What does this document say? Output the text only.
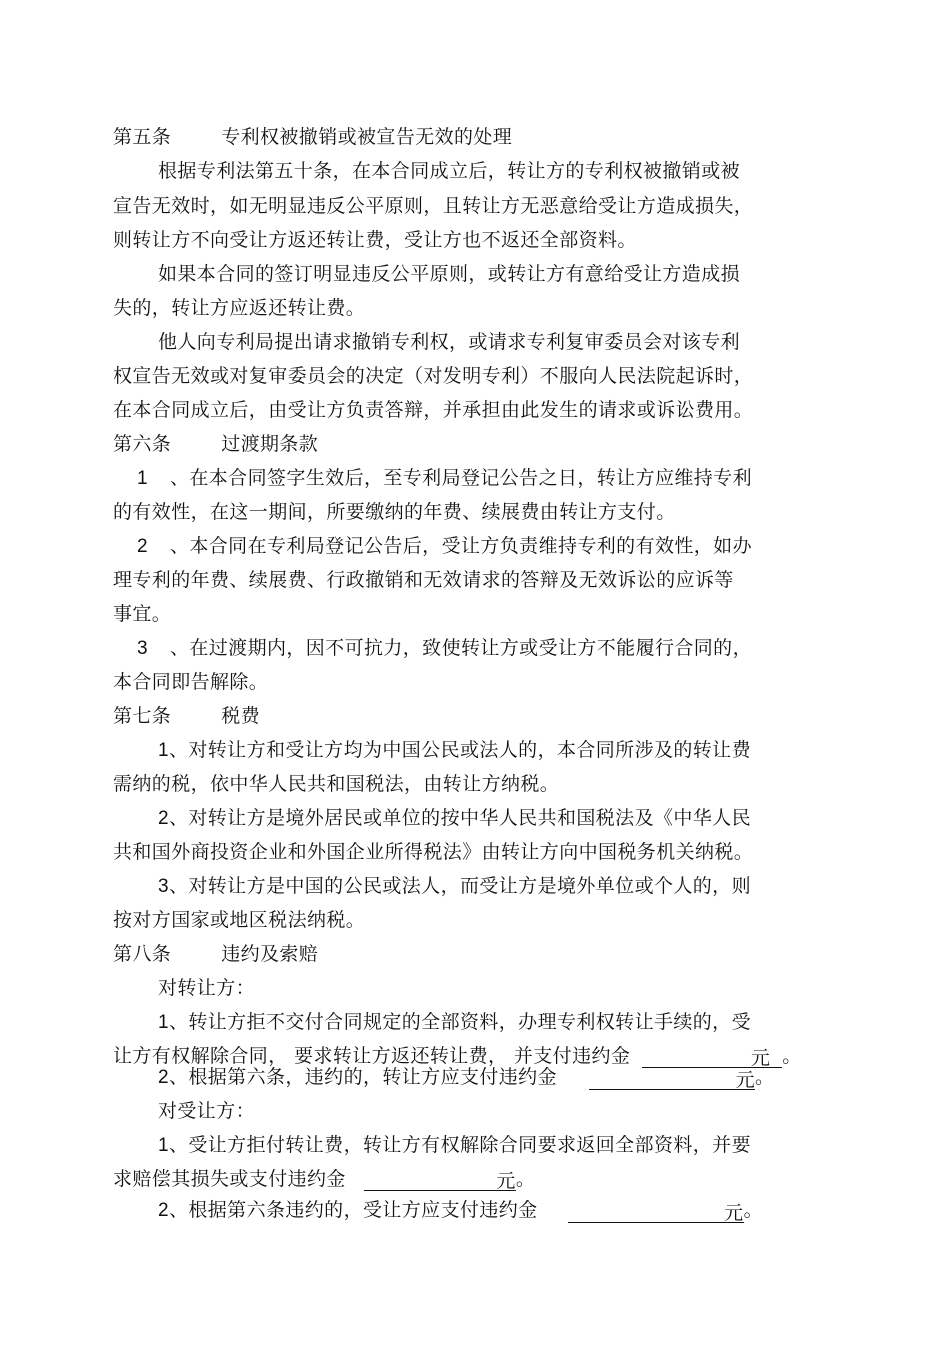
第五条	专利权被撤销或被宣告无效的处理
根据专利法第五十条，在本合同成立后，转让方的专利权被撤销或被
宣告无效时，如无明显违反公平原则，且转让方无恶意给受让方造成损失，
则转让方不向受让方返还转让费，受让方也不返还全部资料。
如果本合同的签订明显违反公平原则，或转让方有意给受让方造成损
失的，转让方应返还转让费。
他人向专利局提出请求撤销专利权，或请求专利复审委员会对该专利
权宣告无效或对复审委员会的决定（对发明专利）不服向人民法院起诉时，
在本合同成立后，由受让方负责答辩，并承担由此发生的请求或诉讼费用。
第六条	过渡期条款
1 、在本合同签字生效后，至专利局登记公告之日，转让方应维持专利
的有效性，在这一期间，所要缴纳的年费、续展费由转让方支付。
2 、本合同在专利局登记公告后，受让方负责维持专利的有效性，如办
理专利的年费、续展费、行政撤销和无效请求的答辩及无效诉讼的应诉等
事宜。
3 、在过渡期内，因不可抗力，致使转让方或受让方不能履行合同的，
本合同即告解除。
第七条	税费
1、对转让方和受让方均为中国公民或法人的，本合同所涉及的转让费
需纳的税，依中华人民共和国税法，由转让方纳税。
2、对转让方是境外居民或单位的按中华人民共和国税法及《中华人民
共和国外商投资企业和外国企业所得税法》由转让方向中国税务机关纳税。
3、对转让方是中国的公民或法人，而受让方是境外单位或个人的，则
按对方国家或地区税法纳税。
第八条	违约及索赔
对转让方：
1、转让方拒不交付合同规定的全部资料，办理专利权转让手续的，受
让方有权解除合同， 要求转让方返还转让费， 并支付违约金	元 。
2、根据第六条，违约的，转让方应支付违约金	元。
对受让方：
1、受让方拒付转让费，转让方有权解除合同要求返回全部资料，并要
求赔偿其损失或支付违约金	元。
2、根据第六条违约的，受让方应支付违约金	元。
